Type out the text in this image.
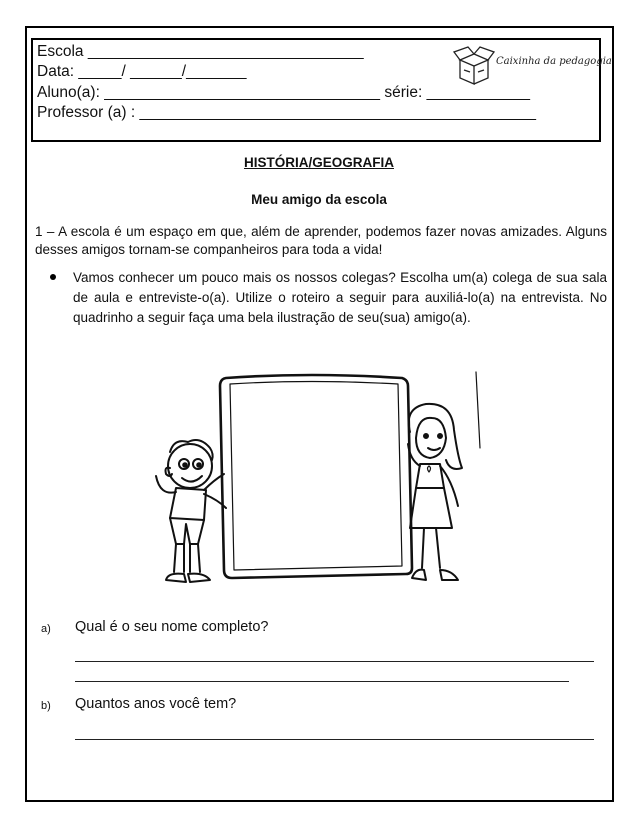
Escola ________________________________
Data: _____/ ______/_______
Aluno(a): ________________________________ série: ____________
Professor (a) : ______________________________________________
Caixinha da pedagogia
HISTÓRIA/GEOGRAFIA
Meu amigo da escola
1 – A escola é um espaço em que, além de aprender, podemos fazer novas amizades. Alguns desses amigos tornam-se companheiros para toda a vida!
Vamos conhecer um pouco mais os nossos colegas? Escolha um(a) colega de sua sala de aula e entreviste-o(a). Utilize o roteiro a seguir para auxiliá-lo(a) na entrevista. No quadrinho a seguir faça uma bela ilustração de seu(sua) amigo(a).
a) Qual é o seu nome completo?
b) Quantos anos você tem?
